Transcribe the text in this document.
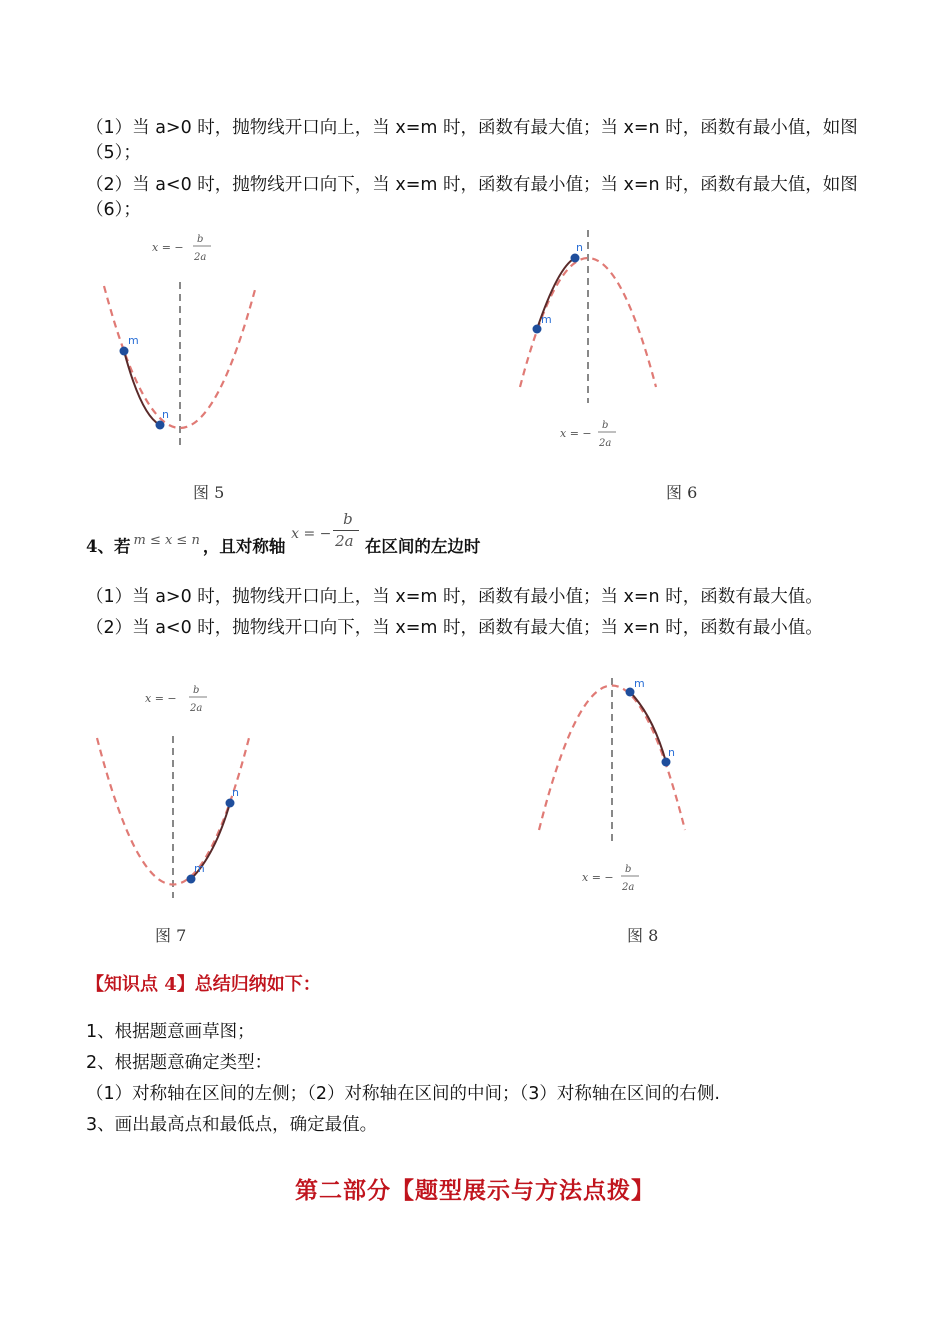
（1）当 a>0 时，抛物线开口向上，当 x=m 时，函数有最大值；当 x=n 时，函数有最小值，如图（5）；
（2）当 a<0 时，抛物线开口向下，当 x=m 时，函数有最小值；当 x=n 时，函数有最大值，如图（6）；
m
n
x = −
b
2a
图 5
m
n
x = −
b
2a
图 6
4、若 $^{m \le x \le n}$ ，且对称轴
x = −
b
2a 在区间的左边时
（1）当 a>0 时，抛物线开口向上，当 x=m 时，函数有最小值；当 x=n 时，函数有最大值。
（2）当 a<0 时，抛物线开口向下，当 x=m 时，函数有最大值；当 x=n 时，函数有最小值。
m
n
x = −
b
2a
图 7
m
n
x = −
b
2a
图 8
【知识点 4】总结归纳如下：
1、根据题意画草图；
2、根据题意确定类型：
（1）对称轴在区间的左侧；（2）对称轴在区间的中间；（3）对称轴在区间的右侧.
3、画出最高点和最低点，确定最值。
第二部分【题型展示与方法点拨】
